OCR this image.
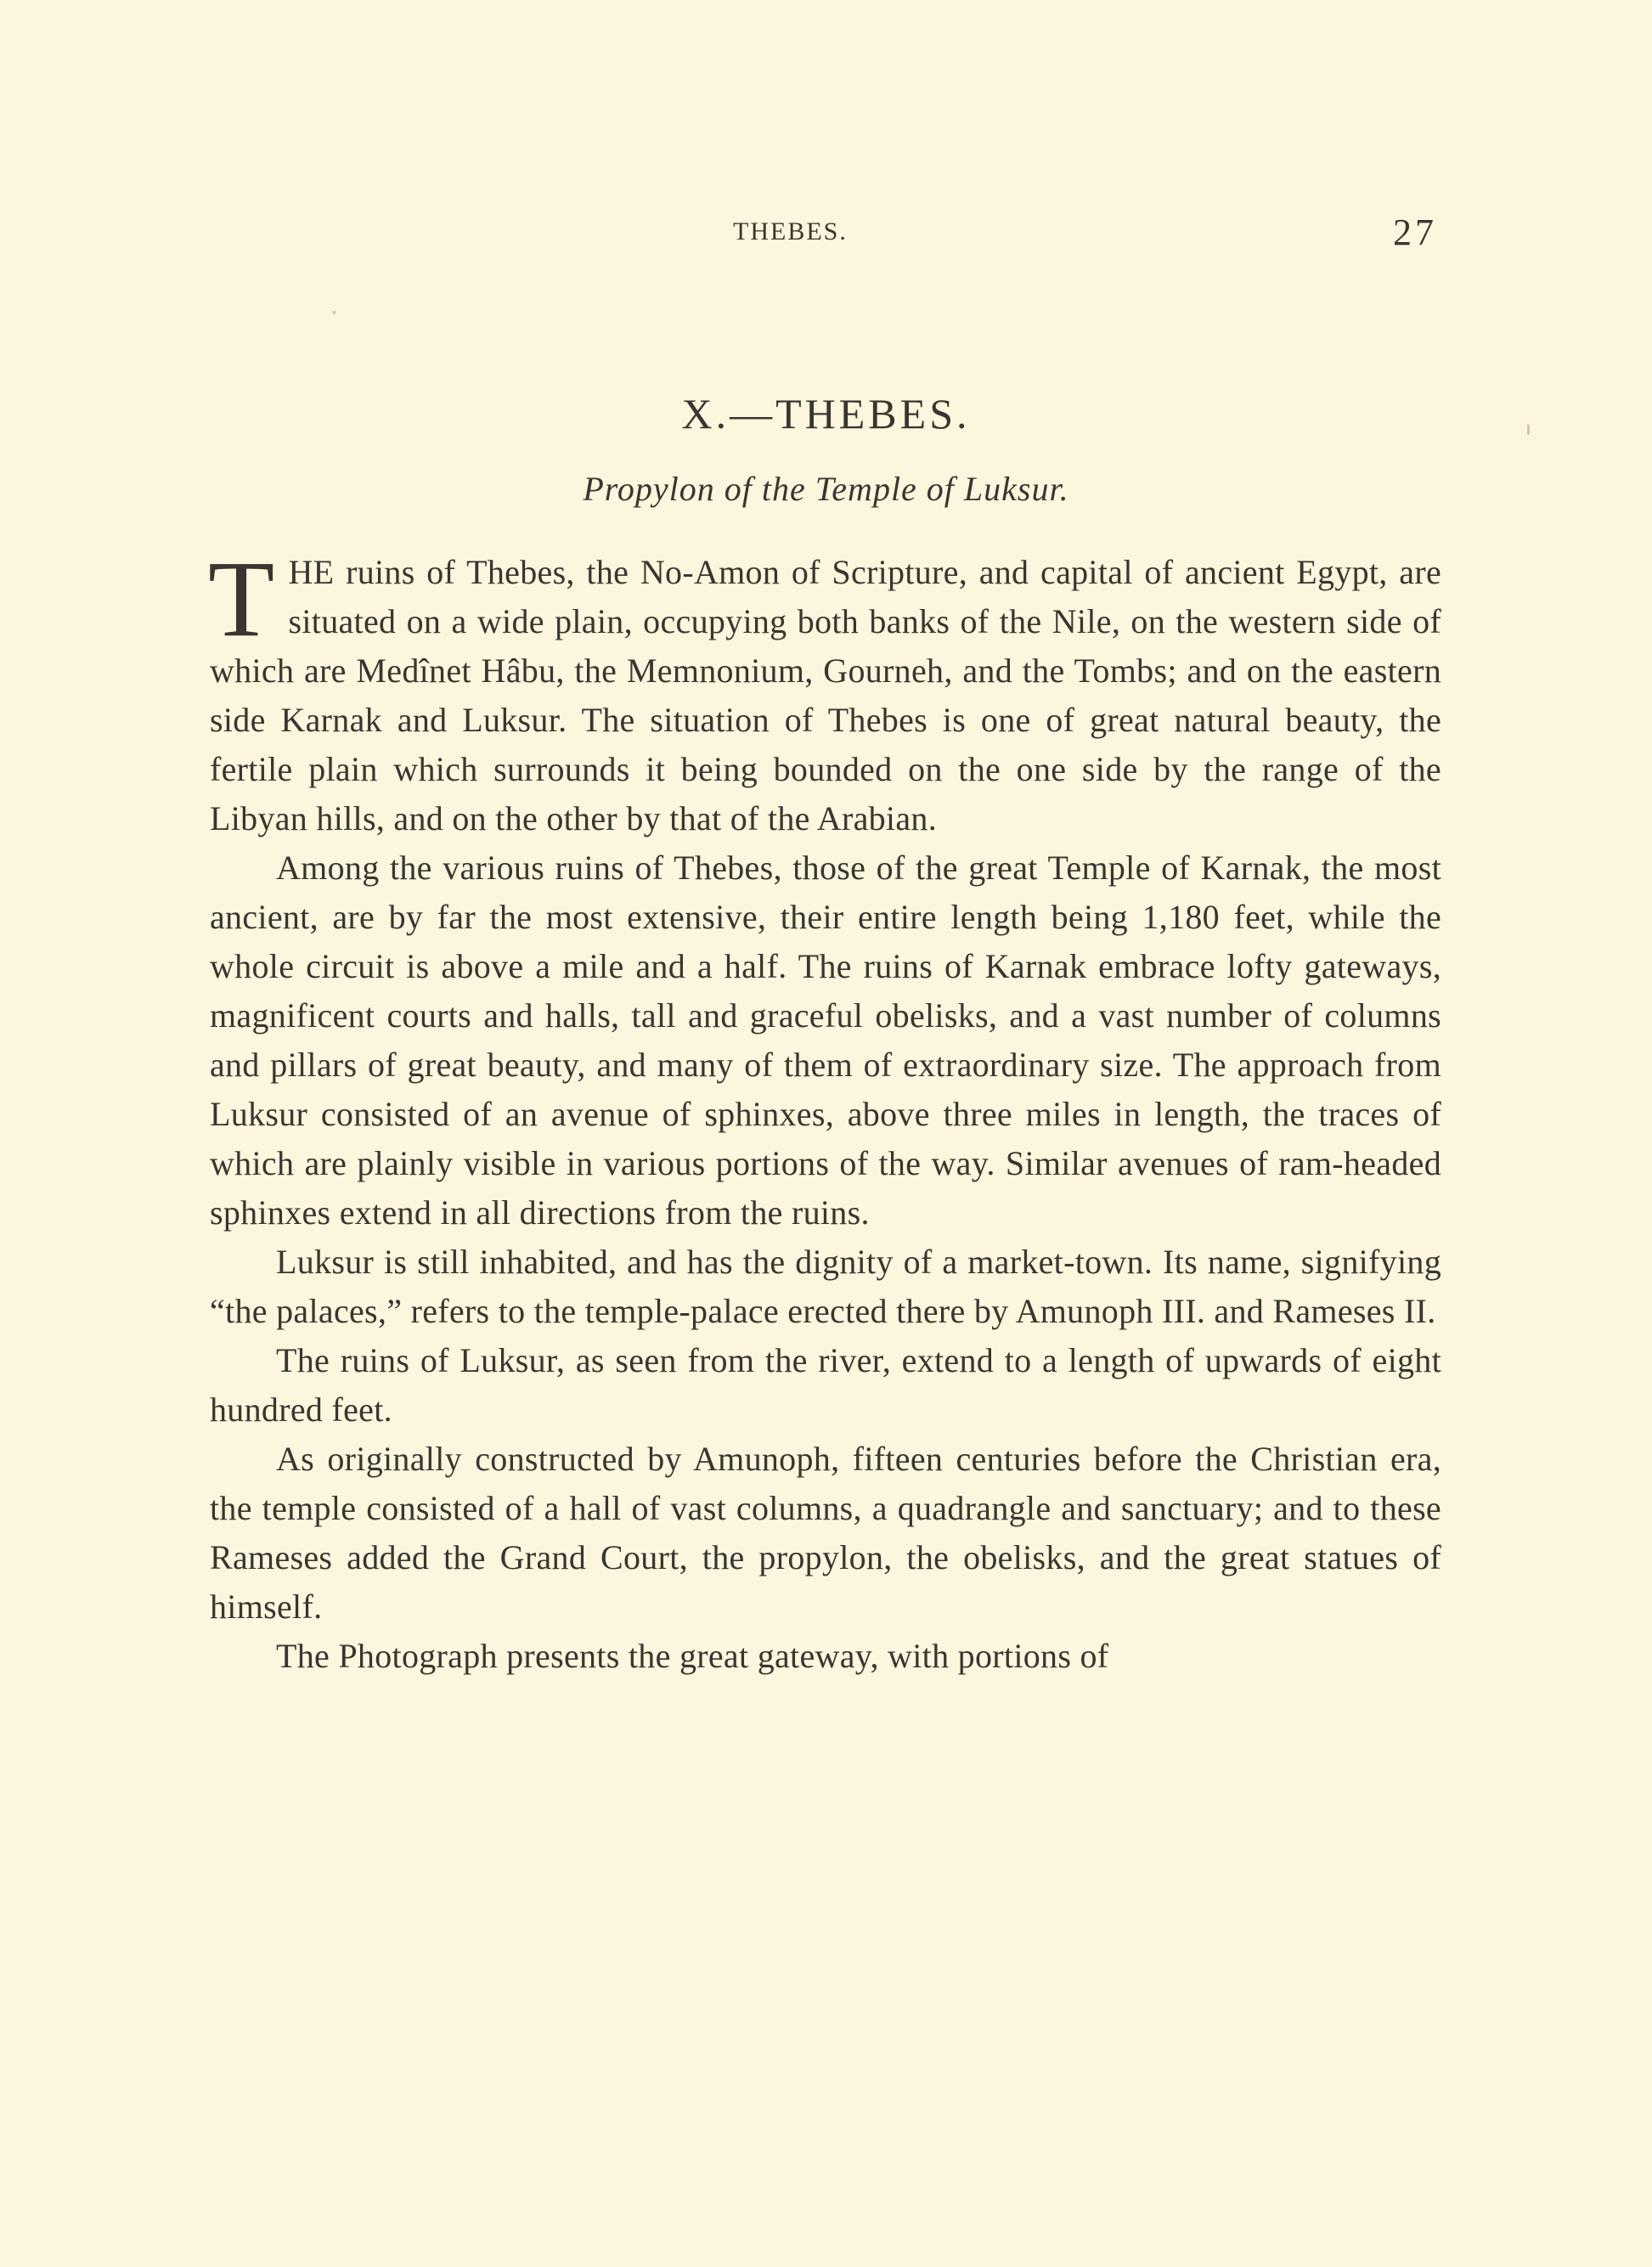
THEBES.	27
X.—THEBES.
Propylon of the Temple of Luksur.

THE ruins of Thebes, the No-Amon of Scripture, and capital of ancient Egypt, are situated on a wide plain, occupying both banks of the Nile, on the western side of which are Medînet Hâbu, the Memnonium, Gourneh, and the Tombs; and on the eastern side Karnak and Luksur. The situation of Thebes is one of great natural beauty, the fertile plain which surrounds it being bounded on the one side by the range of the Libyan hills, and on the other by that of the Arabian.

Among the various ruins of Thebes, those of the great Temple of Karnak, the most ancient, are by far the most extensive, their entire length being 1,180 feet, while the whole circuit is above a mile and a half. The ruins of Karnak embrace lofty gateways, magnificent courts and halls, tall and graceful obelisks, and a vast number of columns and pillars of great beauty, and many of them of extraordinary size. The approach from Luksur consisted of an avenue of sphinxes, above three miles in length, the traces of which are plainly visible in various portions of the way. Similar avenues of ram-headed sphinxes extend in all directions from the ruins.

Luksur is still inhabited, and has the dignity of a market-town. Its name, signifying “the palaces,” refers to the temple-palace erected there by Amunoph III. and Rameses II.

The ruins of Luksur, as seen from the river, extend to a length of upwards of eight hundred feet.

As originally constructed by Amunoph, fifteen centuries before the Christian era, the temple consisted of a hall of vast columns, a quadrangle and sanctuary; and to these Rameses added the Grand Court, the propylon, the obelisks, and the great statues of himself.

The Photograph presents the great gateway, with portions of
